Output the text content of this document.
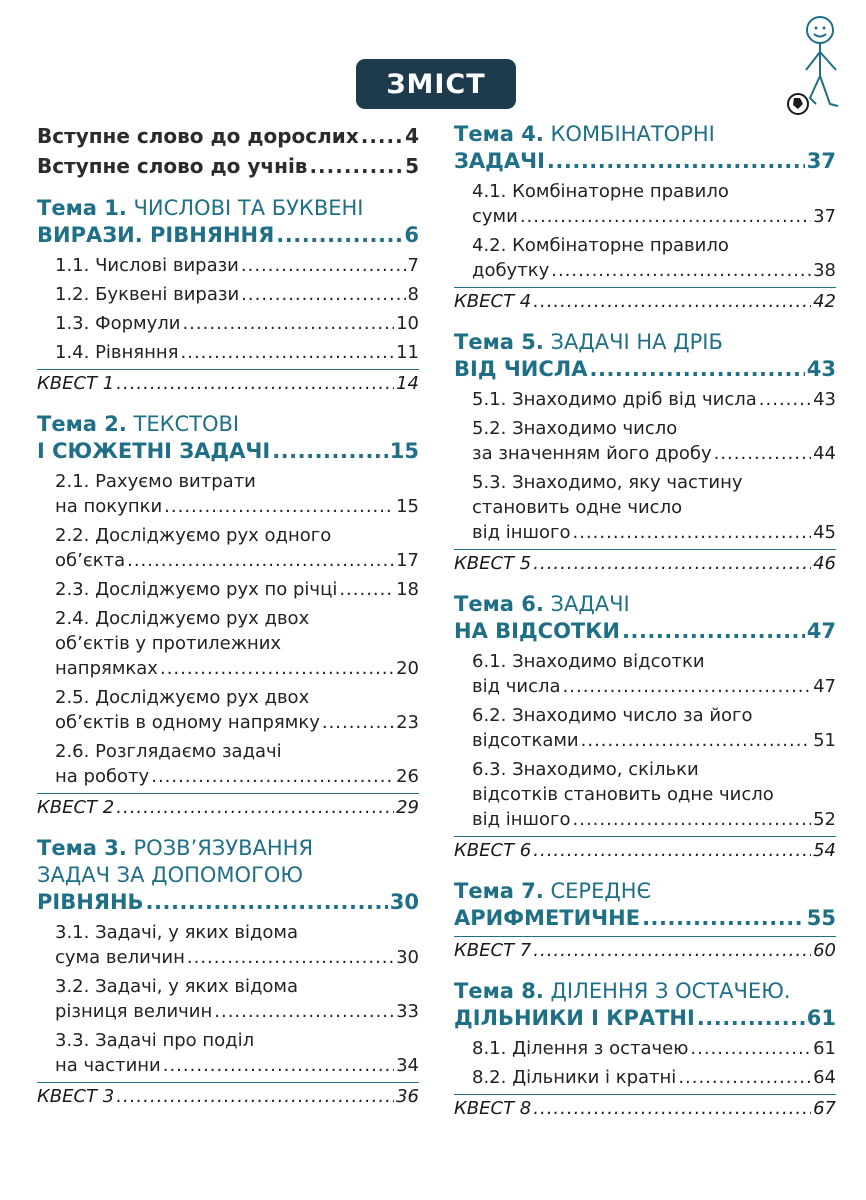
ЗМІСТ
Вступне слово до дорослих ..... 4
Вступне слово до учнів .....	5
Тема 1. ЧИСЛОВІ ТА БУКВЕНІ
ВИРАЗИ. РІВНЯННЯ .....	6
1.1. Числові вирази .....	7
1.2. Буквені вирази .....	8
1.3. Формули .....	10
1.4. Рівняння .....	11
КВЕСТ 1 .....	14
Тема 2. ТЕКСТОВІ
І СЮЖЕТНІ ЗАДАЧІ .....	15
2.1. Рахуємо витрати
на покупки .....	15
2.2. Досліджуємо рух одного
об’єкта .....	17
2.3. Досліджуємо рух по річці .....	18
2.4. Досліджуємо рух двох
об’єктів у протилежних
напрямках .....	20
2.5. Досліджуємо рух двох
об’єктів в одному напрямку .....	23
2.6. Розглядаємо задачі
на роботу .....	26
КВЕСТ 2 .....	29
Тема 3. РОЗВ’ЯЗУВАННЯ
ЗАДАЧ ЗА ДОПОМОГОЮ
РІВНЯНЬ .....	30
3.1. Задачі, у яких відома
сума величин .....	30
3.2. Задачі, у яких відома
різниця величин .....	33
3.3. Задачі про поділ
на частини .....	34
КВЕСТ 3 .....	36
Тема 4. КОМБІНАТОРНІ
ЗАДАЧІ .....	37
4.1. Комбінаторне правило
суми .....	37
4.2. Комбінаторне правило
добутку .....	38
КВЕСТ 4 .....	42
Тема 5. ЗАДАЧІ НА ДРІБ
ВІД ЧИСЛА .....	43
5.1. Знаходимо дріб від числа .....	43
5.2. Знаходимо число
за значенням його дробу .....	44
5.3. Знаходимо, яку частину
становить одне число
від іншого .....	45
КВЕСТ 5 .....	46
Тема 6. ЗАДАЧІ
НА ВІДСОТКИ .....	47
6.1. Знаходимо відсотки
від числа .....	47
6.2. Знаходимо число за його
відсотками .....	51
6.3. Знаходимо, скільки
відсотків становить одне число
від іншого .....	52
КВЕСТ 6 .....	54
Тема 7. СЕРЕДНЄ
АРИФМЕТИЧНЕ .....	55
КВЕСТ 7 .....	60
Тема 8. ДІЛЕННЯ З ОСТАЧЕЮ.
ДІЛЬНИКИ І КРАТНІ .....	61
8.1. Ділення з остачею .....	61
8.2. Дільники і кратні .....	64
КВЕСТ 8 .....	67
